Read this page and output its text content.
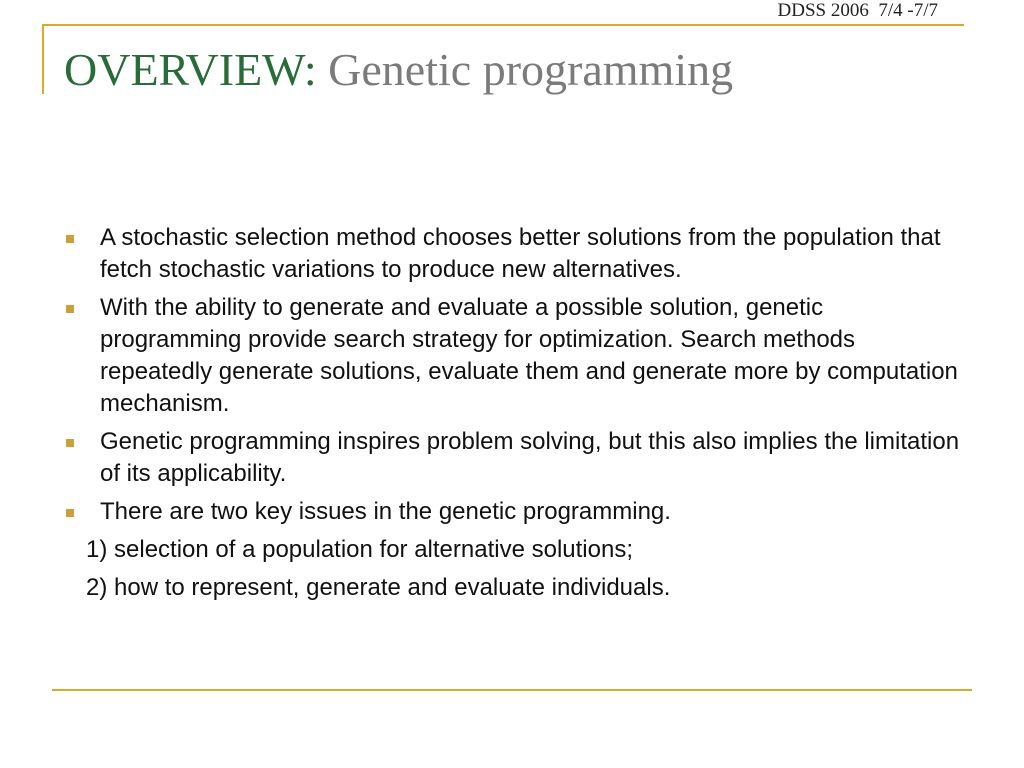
DDSS 2006  7/4 -7/7
OVERVIEW: Genetic programming
A stochastic selection method chooses better solutions from the population that fetch stochastic variations to produce new alternatives.
With the ability to generate and evaluate a possible solution, genetic programming provide search strategy for optimization. Search methods repeatedly generate solutions, evaluate them and generate more by computation mechanism.
Genetic programming inspires problem solving, but this also implies the limitation of its applicability.
There are two key issues in the genetic programming.
1) selection of a population for alternative solutions;
2) how to represent, generate and evaluate individuals.
